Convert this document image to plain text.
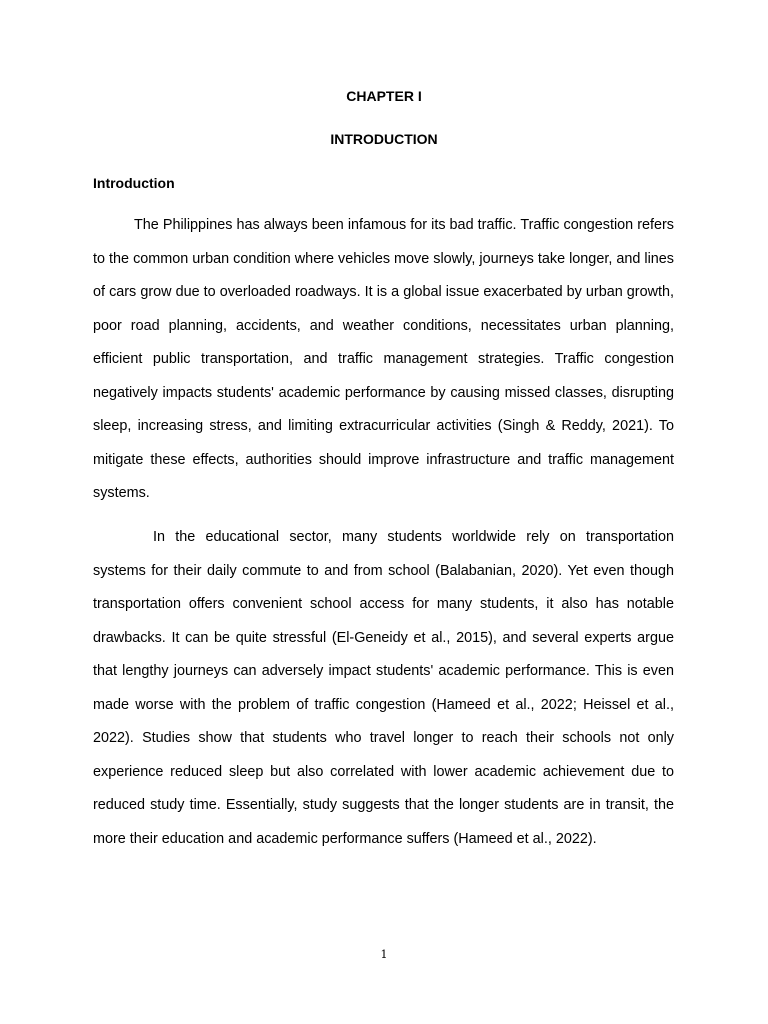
CHAPTER I
INTRODUCTION
Introduction

The Philippines has always been infamous for its bad traffic. Traffic congestion refers to the common urban condition where vehicles move slowly, journeys take longer, and lines of cars grow due to overloaded roadways. It is a global issue exacerbated by urban growth, poor road planning, accidents, and weather conditions, necessitates urban planning, efficient public transportation, and traffic management strategies. Traffic congestion negatively impacts students' academic performance by causing missed classes, disrupting sleep, increasing stress, and limiting extracurricular activities (Singh & Reddy, 2021). To mitigate these effects, authorities should improve infrastructure and traffic management systems.

In the educational sector, many students worldwide rely on transportation systems for their daily commute to and from school (Balabanian, 2020). Yet even though transportation offers convenient school access for many students, it also has notable drawbacks. It can be quite stressful (El-Geneidy et al., 2015), and several experts argue that lengthy journeys can adversely impact students' academic performance. This is even made worse with the problem of traffic congestion (Hameed et al., 2022; Heissel et al., 2022). Studies show that students who travel longer to reach their schools not only experience reduced sleep but also correlated with lower academic achievement due to reduced study time. Essentially, study suggests that the longer students are in transit, the more their education and academic performance suffers (Hameed et al., 2022).

1
